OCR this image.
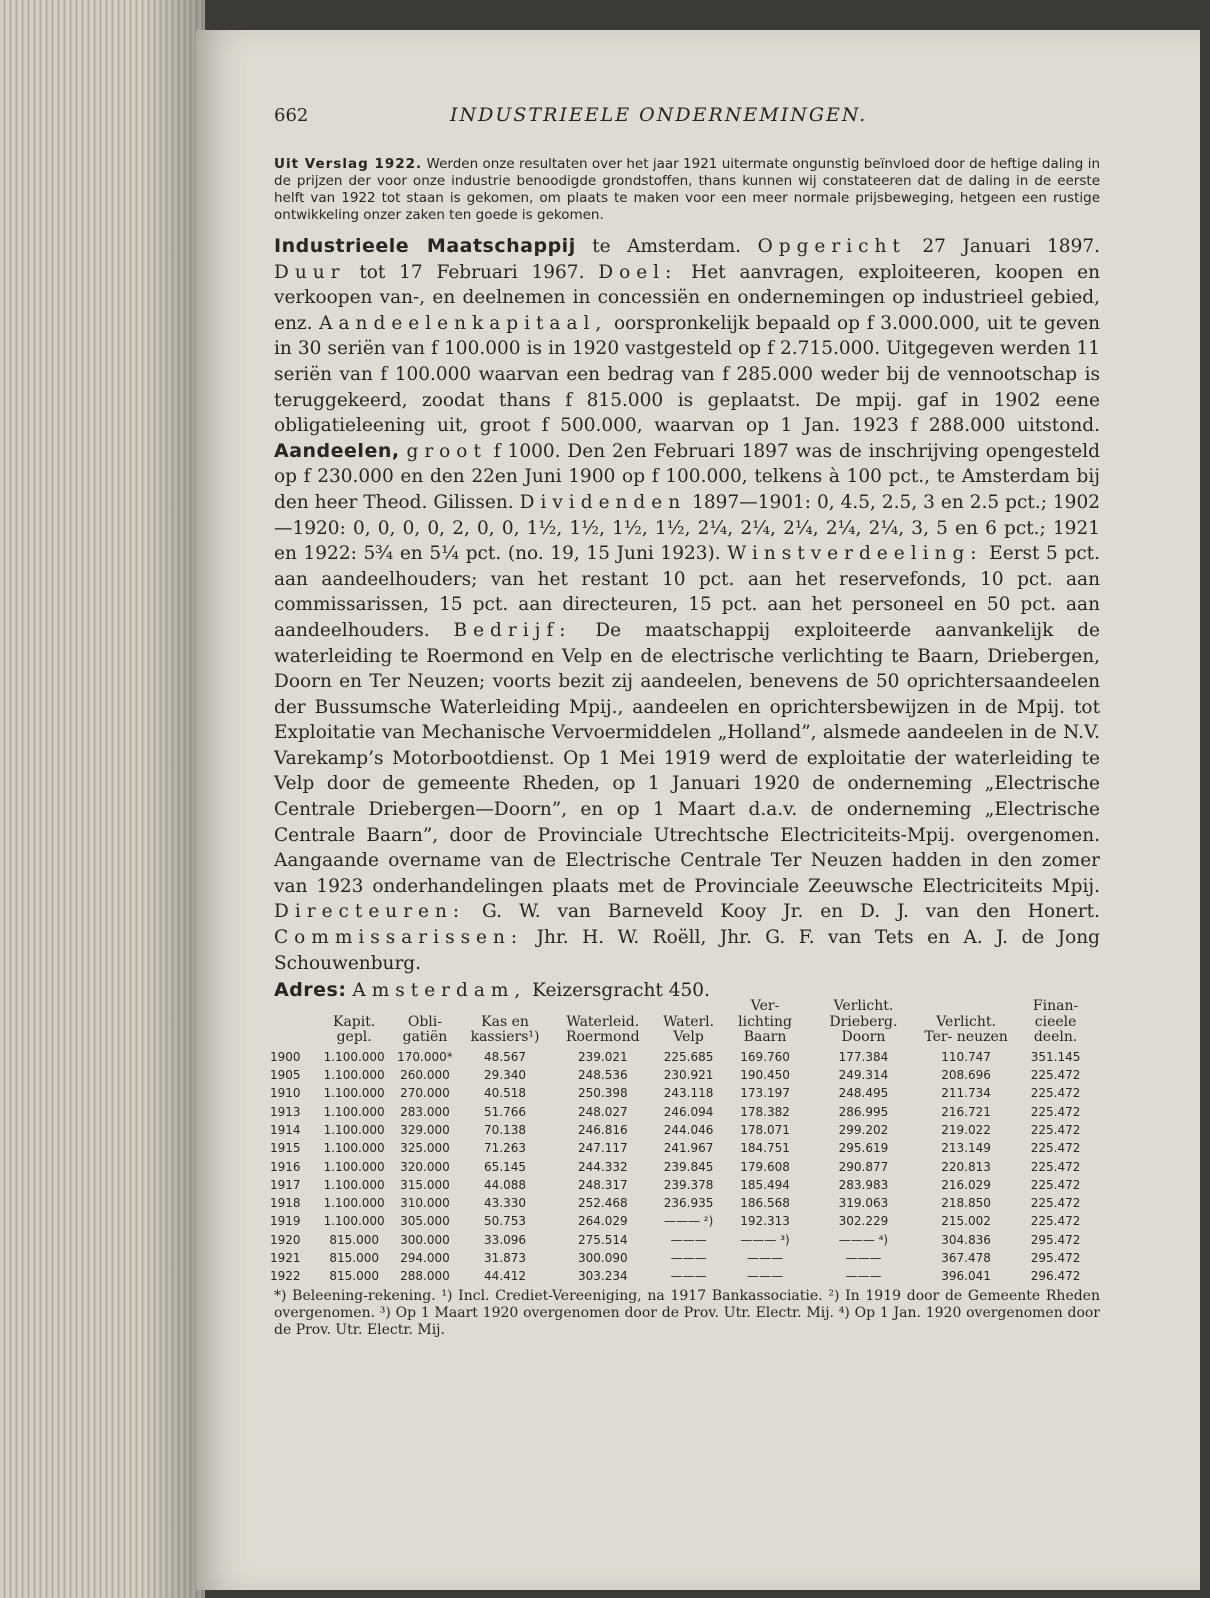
662	INDUSTRIEELE ONDERNEMINGEN.
Uit Verslag 1922. Werden onze resultaten over het jaar 1921 uitermate ongunstig beïnvloed door de heftige daling in de prijzen der voor onze industrie benoodigde grondstoffen, thans kunnen wij constateeren dat de daling in de eerste helft van 1922 tot staan is gekomen, om plaats te maken voor een meer normale prijsbeweging, hetgeen een rustige ontwikkeling onzer zaken ten goede is gekomen.
Industrieele Maatschappij te Amsterdam. Opgericht 27 Januari 1897. Duur tot 17 Februari 1967. Doel: Het aanvragen, exploiteeren, koopen en verkoopen van-, en deelnemen in concessiën en ondernemingen op industrieel gebied, enz. Aandeelenkapitaal, oorspronkelijk bepaald op f 3.000.000, uit te geven in 30 seriën van f 100.000 is in 1920 vastgesteld op f 2.715.000. Uitgegeven werden 11 seriën van f 100.000 waarvan een bedrag van f 285.000 weder bij de vennootschap is teruggekeerd, zoodat thans f 815.000 is geplaatst. De mpij. gaf in 1902 eene obligatieleening uit, groot f 500.000, waarvan op 1 Jan. 1923 f 288.000 uitstond. Aandeelen, groot f 1000. Den 2en Februari 1897 was de inschrijving opengesteld op f 230.000 en den 22en Juni 1900 op f 100.000, telkens à 100 pct., te Amsterdam bij den heer Theod. Gilissen. Dividenden 1897—1901: 0, 4.5, 2.5, 3 en 2.5 pct.; 1902—1920: 0, 0, 0, 0, 2, 0, 0, 1½, 1½, 1½, 1½, 2¼, 2¼, 2¼, 2¼, 2¼, 3, 5 en 6 pct.; 1921 en 1922: 5¾ en 5¼ pct. (no. 19, 15 Juni 1923). Winstverdeeling: Eerst 5 pct. aan aandeelhouders; van het restant 10 pct. aan het reservefonds, 10 pct. aan commissarissen, 15 pct. aan directeuren, 15 pct. aan het personeel en 50 pct. aan aandeelhouders. Bedrijf: De maatschappij exploiteerde aanvankelijk de waterleiding te Roermond en Velp en de electrische verlichting te Baarn, Driebergen, Doorn en Ter Neuzen; voorts bezit zij aandeelen, benevens de 50 oprichtersaandeelen der Bussumsche Waterleiding Mpij., aandeelen en oprichtersbewijzen in de Mpij. tot Exploitatie van Mechanische Vervoermiddelen „Holland”, alsmede aandeelen in de N.V. Varekamp’s Motorbootdienst. Op 1 Mei 1919 werd de exploitatie der waterleiding te Velp door de gemeente Rheden, op 1 Januari 1920 de onderneming „Electrische Centrale Driebergen—Doorn”, en op 1 Maart d.a.v. de onderneming „Electrische Centrale Baarn”, door de Provinciale Utrechtsche Electriciteits-Mpij. overgenomen. Aangaande overname van de Electrische Centrale Ter Neuzen hadden in den zomer van 1923 onderhandelingen plaats met de Provinciale Zeeuwsche Electriciteits Mpij. Directeuren: G. W. van Barneveld Kooy Jr. en D. J. van den Honert. Commissarissen: Jhr. H. W. Roëll, Jhr. G. F. van Tets en A. J. de Jong Schouwenburg.
Adres: Amsterdam, Keizersgracht 450.
	Kapit. gepl.	Obli- gatiën	Kas en kassiers¹)	Waterleid. Roermond	Waterl. Velp	Ver- lichting Baarn	Verlicht. Drieberg. Doorn	Verlicht. Ter- neuzen	Finan- cieele deeln.
1900	1.100.000	170.000*	48.567	239.021	225.685	169.760	177.384	110.747	351.145
1905	1.100.000	260.000	29.340	248.536	230.921	190.450	249.314	208.696	225.472
1910	1.100.000	270.000	40.518	250.398	243.118	173.197	248.495	211.734	225.472
1913	1.100.000	283.000	51.766	248.027	246.094	178.382	286.995	216.721	225.472
1914	1.100.000	329.000	70.138	246.816	244.046	178.071	299.202	219.022	225.472
1915	1.100.000	325.000	71.263	247.117	241.967	184.751	295.619	213.149	225.472
1916	1.100.000	320.000	65.145	244.332	239.845	179.608	290.877	220.813	225.472
1917	1.100.000	315.000	44.088	248.317	239.378	185.494	283.983	216.029	225.472
1918	1.100.000	310.000	43.330	252.468	236.935	186.568	319.063	218.850	225.472
1919	1.100.000	305.000	50.753	264.029	——— ²)	192.313	302.229	215.002	225.472
1920	815.000	300.000	33.096	275.514	———	——— ³)	——— ⁴)	304.836	295.472
1921	815.000	294.000	31.873	300.090	———	———	———	367.478	295.472
1922	815.000	288.000	44.412	303.234	———	———	———	396.041	296.472
*) Beleening-rekening. ¹) Incl. Crediet-Vereeniging, na 1917 Bankassociatie. ²) In 1919 door de Gemeente Rheden overgenomen. ³) Op 1 Maart 1920 overgenomen door de Prov. Utr. Electr. Mij. ⁴) Op 1 Jan. 1920 overgenomen door de Prov. Utr. Electr. Mij.
